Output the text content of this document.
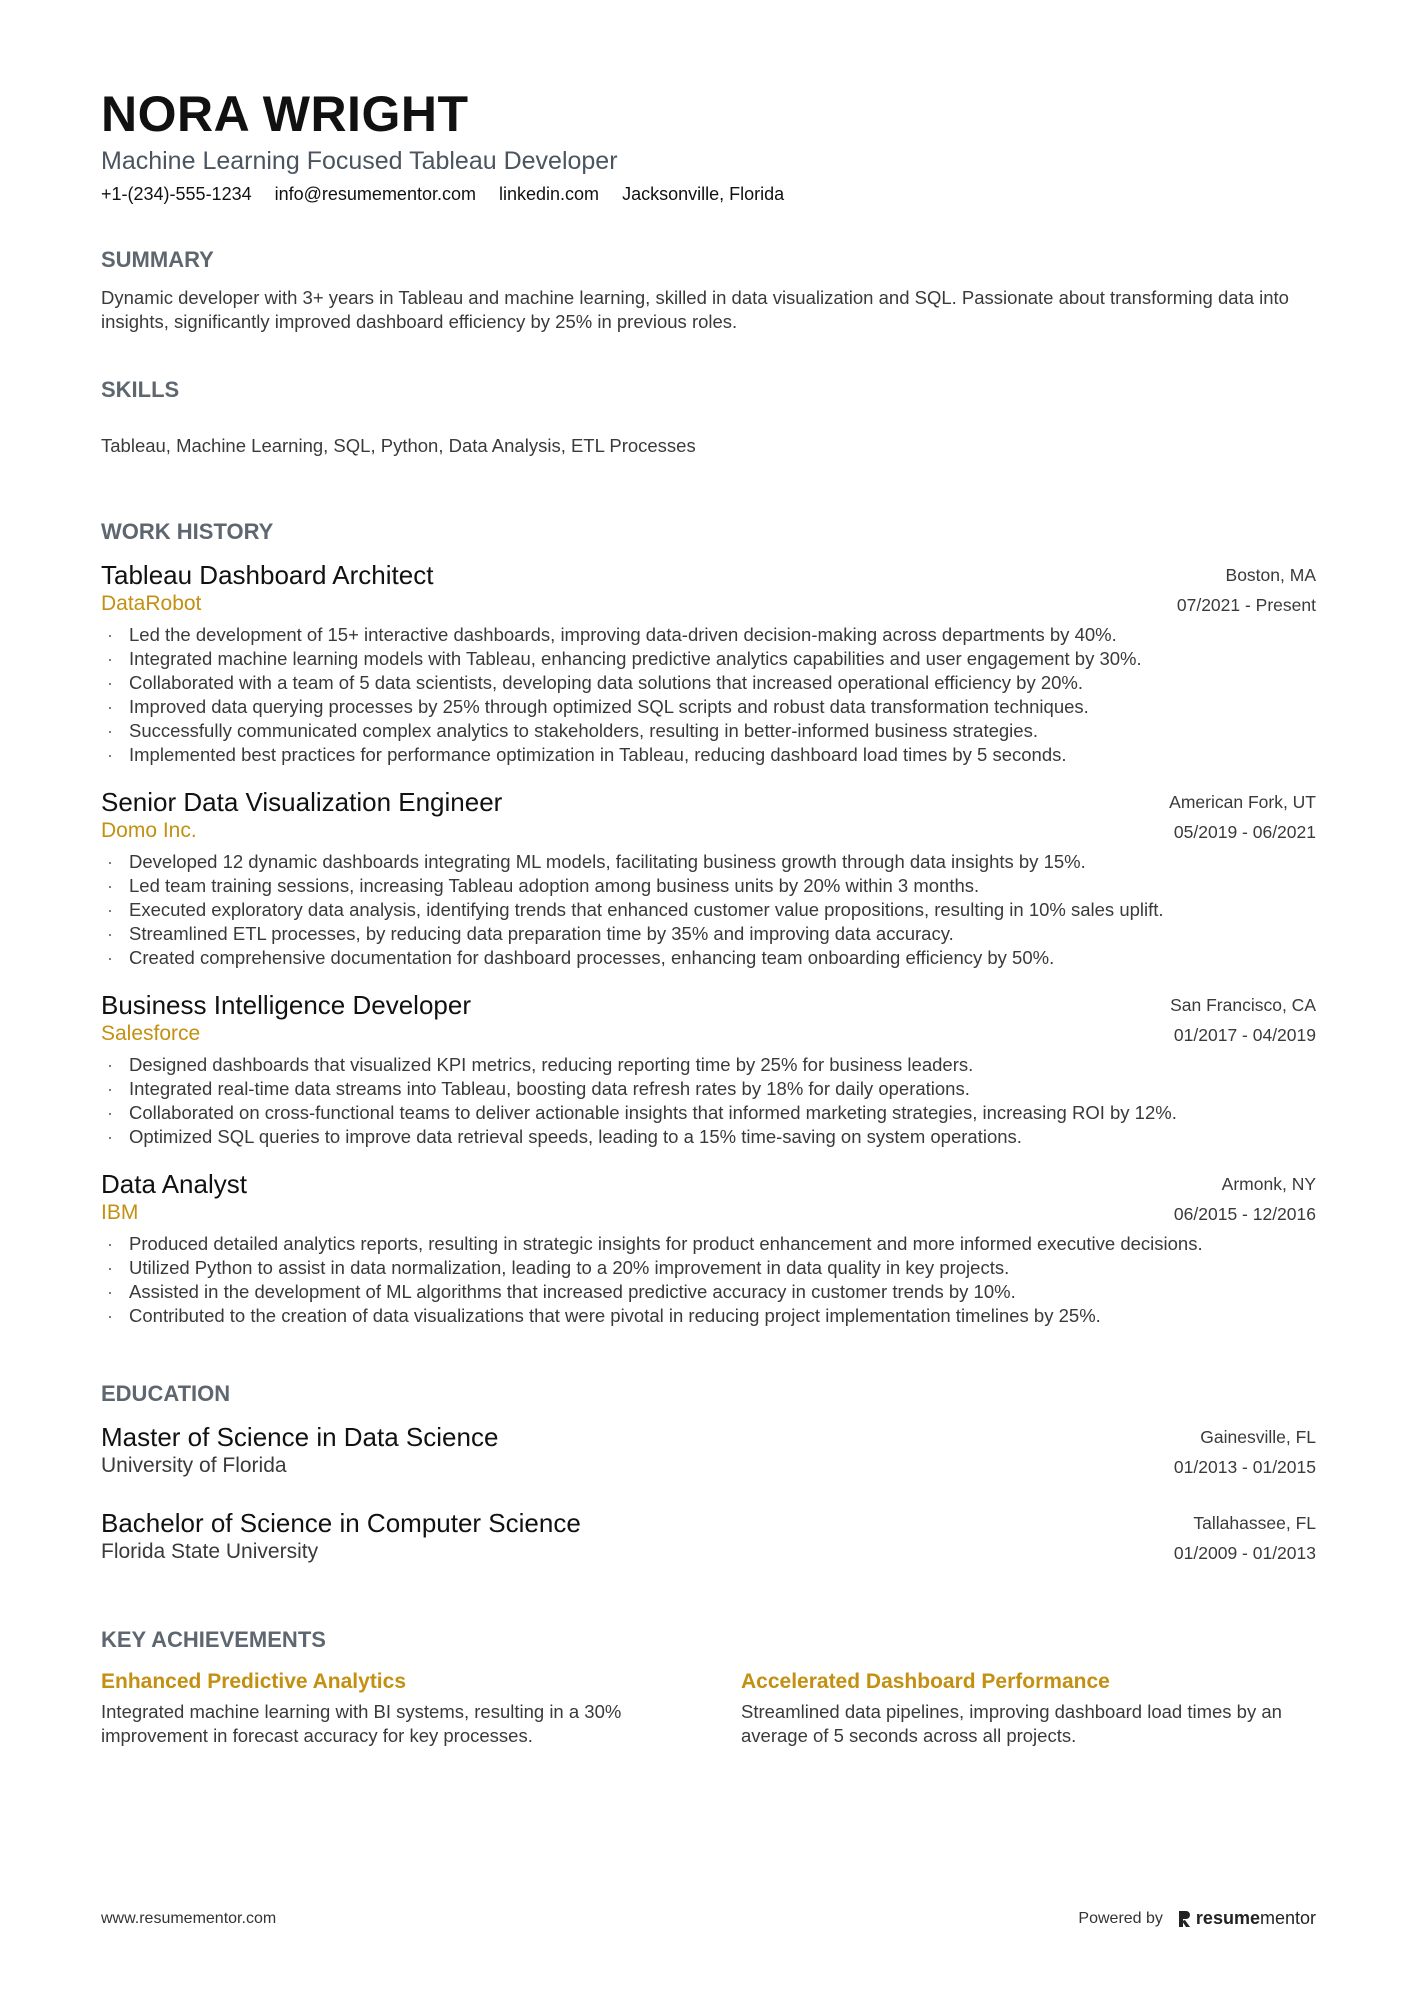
NORA WRIGHT
Machine Learning Focused Tableau Developer
+1-(234)-555-1234 info@resumementor.com linkedin.com Jacksonville, Florida
SUMMARY
Dynamic developer with 3+ years in Tableau and machine learning, skilled in data visualization and SQL. Passionate about transforming data into insights, significantly improved dashboard efficiency by 25% in previous roles.
SKILLS
Tableau, Machine Learning, SQL, Python, Data Analysis, ETL Processes
WORK HISTORY
Tableau Dashboard Architect
DataRobot
Boston, MA
07/2021 - Present
· Led the development of 15+ interactive dashboards, improving data-driven decision-making across departments by 40%.
· Integrated machine learning models with Tableau, enhancing predictive analytics capabilities and user engagement by 30%.
· Collaborated with a team of 5 data scientists, developing data solutions that increased operational efficiency by 20%.
· Improved data querying processes by 25% through optimized SQL scripts and robust data transformation techniques.
· Successfully communicated complex analytics to stakeholders, resulting in better-informed business strategies.
· Implemented best practices for performance optimization in Tableau, reducing dashboard load times by 5 seconds.
Senior Data Visualization Engineer
Domo Inc.
American Fork, UT
05/2019 - 06/2021
· Developed 12 dynamic dashboards integrating ML models, facilitating business growth through data insights by 15%.
· Led team training sessions, increasing Tableau adoption among business units by 20% within 3 months.
· Executed exploratory data analysis, identifying trends that enhanced customer value propositions, resulting in 10% sales uplift.
· Streamlined ETL processes, by reducing data preparation time by 35% and improving data accuracy.
· Created comprehensive documentation for dashboard processes, enhancing team onboarding efficiency by 50%.
Business Intelligence Developer
Salesforce
San Francisco, CA
01/2017 - 04/2019
· Designed dashboards that visualized KPI metrics, reducing reporting time by 25% for business leaders.
· Integrated real-time data streams into Tableau, boosting data refresh rates by 18% for daily operations.
· Collaborated on cross-functional teams to deliver actionable insights that informed marketing strategies, increasing ROI by 12%.
· Optimized SQL queries to improve data retrieval speeds, leading to a 15% time-saving on system operations.
Data Analyst
IBM
Armonk, NY
06/2015 - 12/2016
· Produced detailed analytics reports, resulting in strategic insights for product enhancement and more informed executive decisions.
· Utilized Python to assist in data normalization, leading to a 20% improvement in data quality in key projects.
· Assisted in the development of ML algorithms that increased predictive accuracy in customer trends by 10%.
· Contributed to the creation of data visualizations that were pivotal in reducing project implementation timelines by 25%.
EDUCATION
Master of Science in Data Science
University of Florida
Gainesville, FL
01/2013 - 01/2015
Bachelor of Science in Computer Science
Florida State University
Tallahassee, FL
01/2009 - 01/2013
KEY ACHIEVEMENTS
Enhanced Predictive Analytics
Integrated machine learning with BI systems, resulting in a 30% improvement in forecast accuracy for key processes.
Accelerated Dashboard Performance
Streamlined data pipelines, improving dashboard load times by an average of 5 seconds across all projects.
www.resumementor.com	Powered by resume mentor
